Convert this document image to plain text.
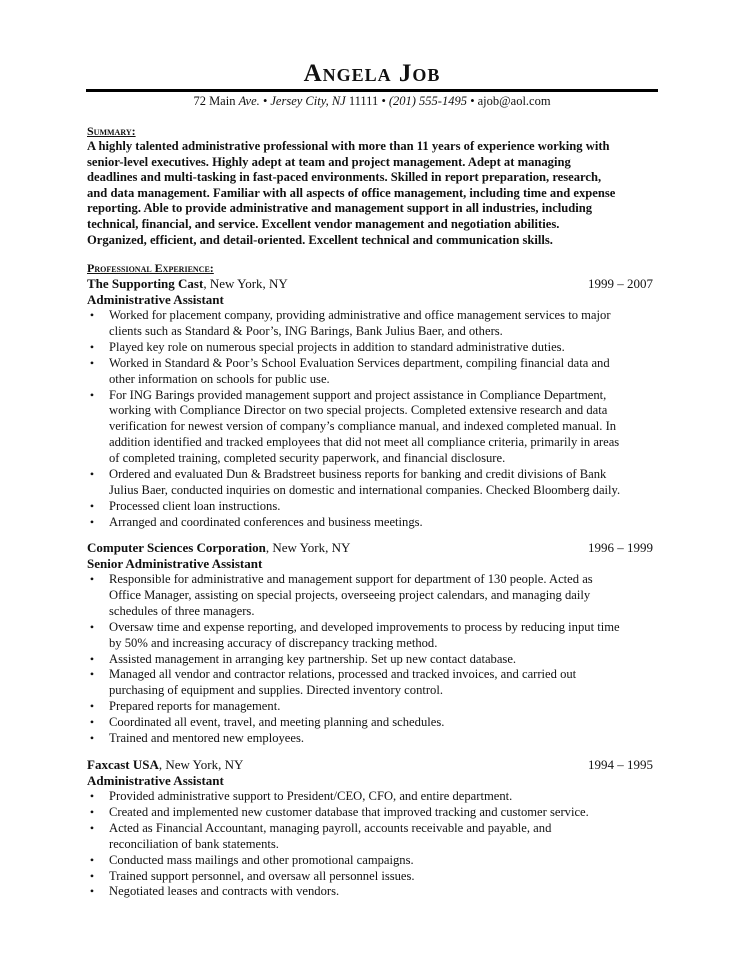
Angela Job
72 Main Ave. • Jersey City, NJ 11111 • (201) 555-1495 • ajob@aol.com
Summary:
A highly talented administrative professional with more than 11 years of experience working with
senior-level executives. Highly adept at team and project management. Adept at managing
deadlines and multi-tasking in fast-paced environments. Skilled in report preparation, research,
and data management. Familiar with all aspects of office management, including time and expense
reporting. Able to provide administrative and management support in all industries, including
technical, financial, and service. Excellent vendor management and negotiation abilities.
Organized, efficient, and detail-oriented. Excellent technical and communication skills.
Professional Experience:
The Supporting Cast, New York, NY	1999 – 2007
Administrative Assistant
• Worked for placement company, providing administrative and office management services to major
clients such as Standard & Poor’s, ING Barings, Bank Julius Baer, and others.
• Played key role on numerous special projects in addition to standard administrative duties.
• Worked in Standard & Poor’s School Evaluation Services department, compiling financial data and
other information on schools for public use.
• For ING Barings provided management support and project assistance in Compliance Department,
working with Compliance Director on two special projects. Completed extensive research and data
verification for newest version of company’s compliance manual, and indexed completed manual. In
addition identified and tracked employees that did not meet all compliance criteria, primarily in areas
of completed training, completed security paperwork, and financial disclosure.
• Ordered and evaluated Dun & Bradstreet business reports for banking and credit divisions of Bank
Julius Baer, conducted inquiries on domestic and international companies. Checked Bloomberg daily.
• Processed client loan instructions.
• Arranged and coordinated conferences and business meetings.
Computer Sciences Corporation, New York, NY	1996 – 1999
Senior Administrative Assistant
• Responsible for administrative and management support for department of 130 people. Acted as
Office Manager, assisting on special projects, overseeing project calendars, and managing daily
schedules of three managers.
• Oversaw time and expense reporting, and developed improvements to process by reducing input time
by 50% and increasing accuracy of discrepancy tracking method.
• Assisted management in arranging key partnership. Set up new contact database.
• Managed all vendor and contractor relations, processed and tracked invoices, and carried out
purchasing of equipment and supplies. Directed inventory control.
• Prepared reports for management.
• Coordinated all event, travel, and meeting planning and schedules.
• Trained and mentored new employees.
Faxcast USA, New York, NY	1994 – 1995
Administrative Assistant
• Provided administrative support to President/CEO, CFO, and entire department.
• Created and implemented new customer database that improved tracking and customer service.
• Acted as Financial Accountant, managing payroll, accounts receivable and payable, and
reconciliation of bank statements.
• Conducted mass mailings and other promotional campaigns.
• Trained support personnel, and oversaw all personnel issues.
• Negotiated leases and contracts with vendors.
